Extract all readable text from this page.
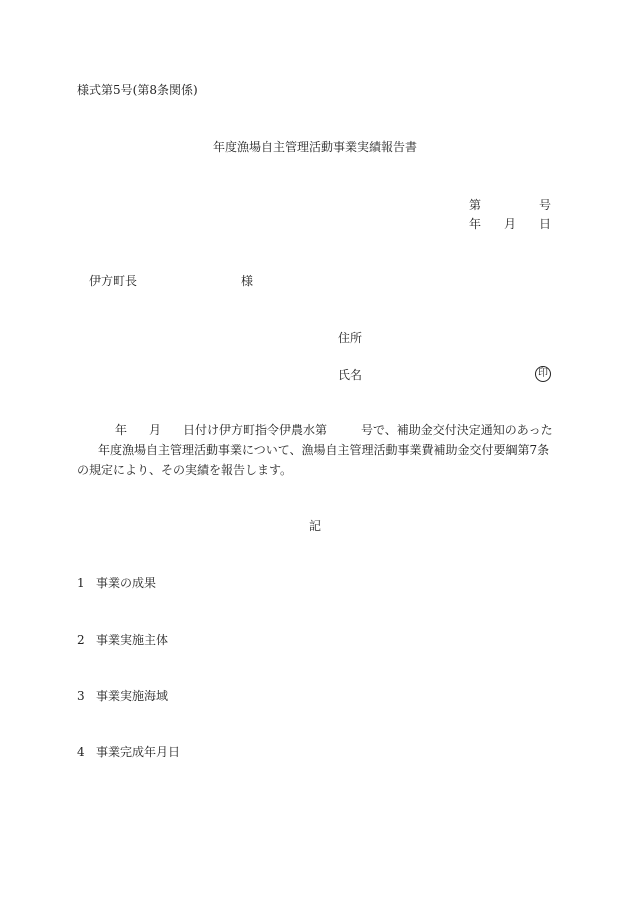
様式第5号(第8条関係)
年度漁場自主管理活動事業実績報告書
第	号
年 月 日
伊方町長	様
住所
氏名	印
年 月 日付け伊方町指令伊農水第	号で、補助金交付決定通知のあった
年度漁場自主管理活動事業について、漁場自主管理活動事業費補助金交付要綱第7条
の規定により、その実績を報告します。
記
1 事業の成果
2 事業実施主体
3 事業実施海域
4 事業完成年月日
